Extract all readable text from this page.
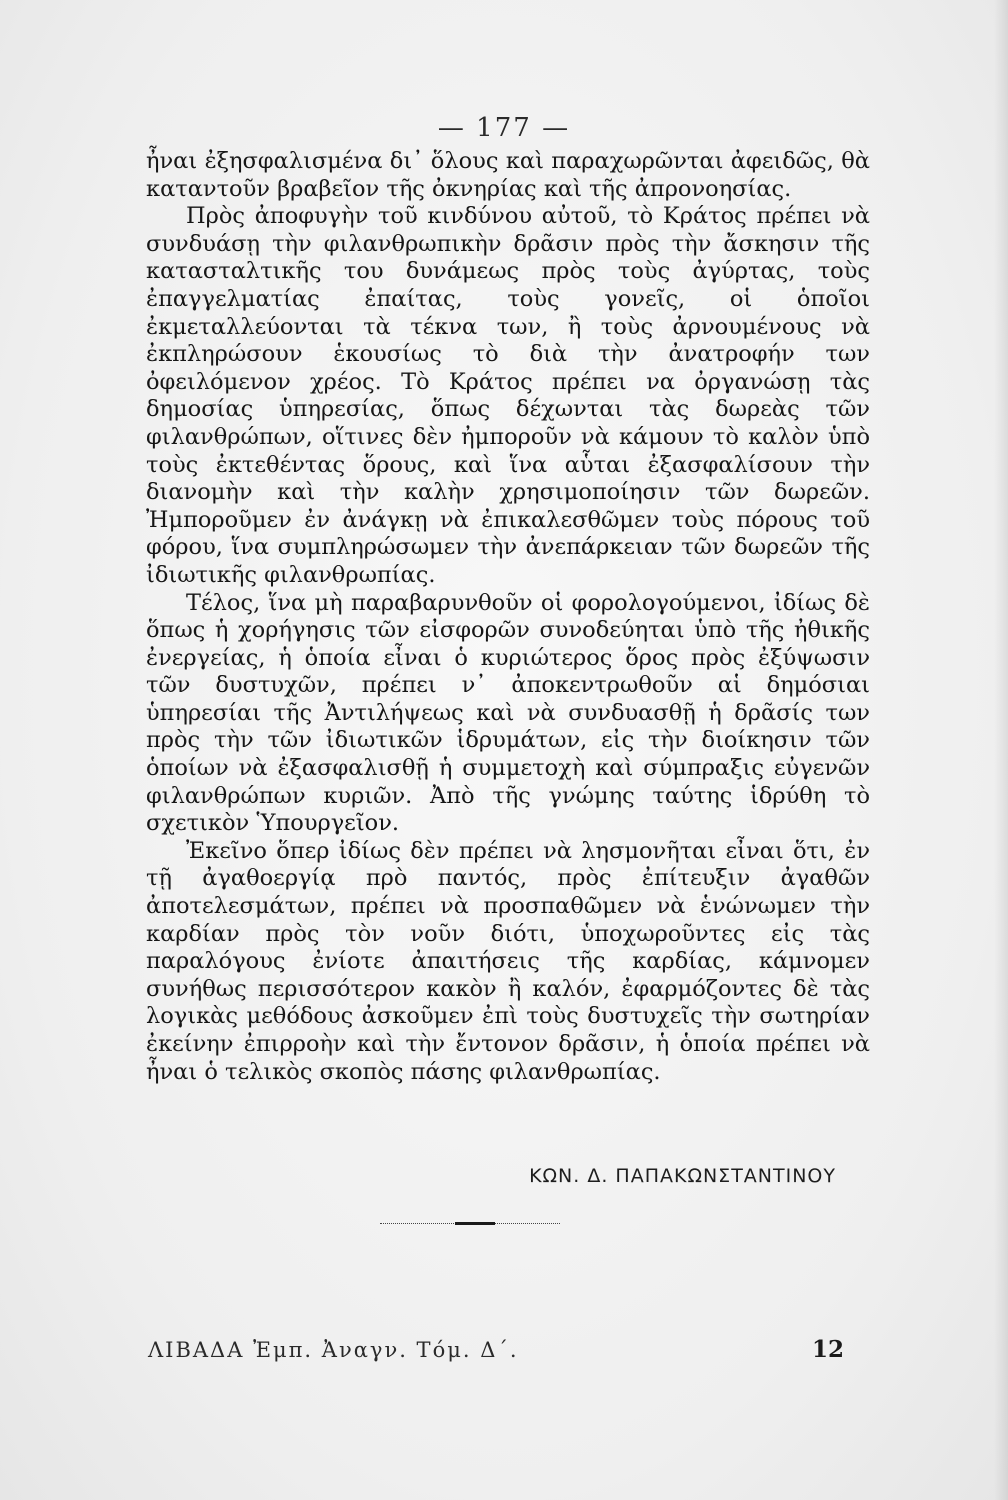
— 177 —

ἦναι ἐξησφαλισμένα δι᾽ ὅλους καὶ παραχωρῶνται ἀφειδῶς, θὰ καταντοῦν βραβεῖον τῆς ὀκνηρίας καὶ τῆς ἀπρονοησίας.

Πρὸς ἀποφυγὴν τοῦ κινδύνου αὐτοῦ, τὸ Κράτος πρέπει νὰ συνδυάσῃ τὴν φιλανθρωπικὴν δρᾶσιν πρὸς τὴν ἄσκησιν τῆς κατασταλτικῆς του δυνάμεως πρὸς τοὺς ἀγύρτας, τοὺς ἐπαγγελματίας ἐπαίτας, τοὺς γονεῖς, οἱ ὁποῖοι ἐκμεταλλεύονται τὰ τέκνα των, ἢ τοὺς ἀρνουμένους νὰ ἐκπληρώσουν ἑκουσίως τὸ διὰ τὴν ἀνατροφήν των ὀφειλόμενον χρέος. Τὸ Κράτος πρέπει να ὀργανώσῃ τὰς δημοσίας ὑπηρεσίας, ὅπως δέχωνται τὰς δωρεὰς τῶν φιλανθρώπων, οἵτινες δὲν ἠμποροῦν νὰ κάμουν τὸ καλὸν ὑπὸ τοὺς ἐκτεθέντας ὅρους, καὶ ἵνα αὗται ἐξασφαλίσουν τὴν διανομὴν καὶ τὴν καλὴν χρησιμοποίησιν τῶν δωρεῶν. Ἠμποροῦμεν ἐν ἀνάγκῃ νὰ ἐπικαλεσθῶμεν τοὺς πόρους τοῦ φόρου, ἵνα συμπληρώσωμεν τὴν ἀνεπάρκειαν τῶν δωρεῶν τῆς ἰδιωτικῆς φιλανθρωπίας.

Τέλος, ἵνα μὴ παραβαρυνθοῦν οἱ φορολογούμενοι, ἰδίως δὲ ὅπως ἡ χορήγησις τῶν εἰσφορῶν συνοδεύηται ὑπὸ τῆς ἠθικῆς ἐνεργείας, ἡ ὁποία εἶναι ὁ κυριώτερος ὅρος πρὸς ἐξύψωσιν τῶν δυστυχῶν, πρέπει ν᾽ ἀποκεντρωθοῦν αἱ δημόσιαι ὑπηρεσίαι τῆς Ἀντιλήψεως καὶ νὰ συνδυασθῇ ἡ δρᾶσίς των πρὸς τὴν τῶν ἰδιωτικῶν ἱδρυμάτων, εἰς τὴν διοίκησιν τῶν ὁποίων νὰ ἐξασφαλισθῇ ἡ συμμετοχὴ καὶ σύμπραξις εὐγενῶν φιλανθρώπων κυριῶν. Ἀπὸ τῆς γνώμης ταύτης ἱδρύθη τὸ σχετικὸν Ὑπουργεῖον.

Ἐκεῖνο ὅπερ ἰδίως δὲν πρέπει νὰ λησμονῆται εἶναι ὅτι, ἐν τῇ ἀγαθοεργίᾳ πρὸ παντός, πρὸς ἐπίτευξιν ἀγαθῶν ἀποτελεσμάτων, πρέπει νὰ προσπαθῶμεν νὰ ἑνώνωμεν τὴν καρδίαν πρὸς τὸν νοῦν διότι, ὑποχωροῦντες εἰς τὰς παραλόγους ἐνίοτε ἀπαιτήσεις τῆς καρδίας, κάμνομεν συνήθως περισσότερον κακὸν ἢ καλόν, ἐφαρμόζοντες δὲ τὰς λογικὰς μεθόδους ἀσκοῦμεν ἐπὶ τοὺς δυστυχεῖς τὴν σωτηρίαν ἐκείνην ἐπιρροὴν καὶ τὴν ἔντονον δρᾶσιν, ἡ ὁποία πρέπει νὰ ἦναι ὁ τελικὸς σκοπὸς πάσης φιλανθρωπίας.

ΚΩΝ. Δ. ΠΑΠΑΚΩΝΣΤΑΝΤΙΝΟΥ
ΛΙΒΑΔΑ Ἐμπ. Ἀναγν. Τόμ. Δ΄.	12
